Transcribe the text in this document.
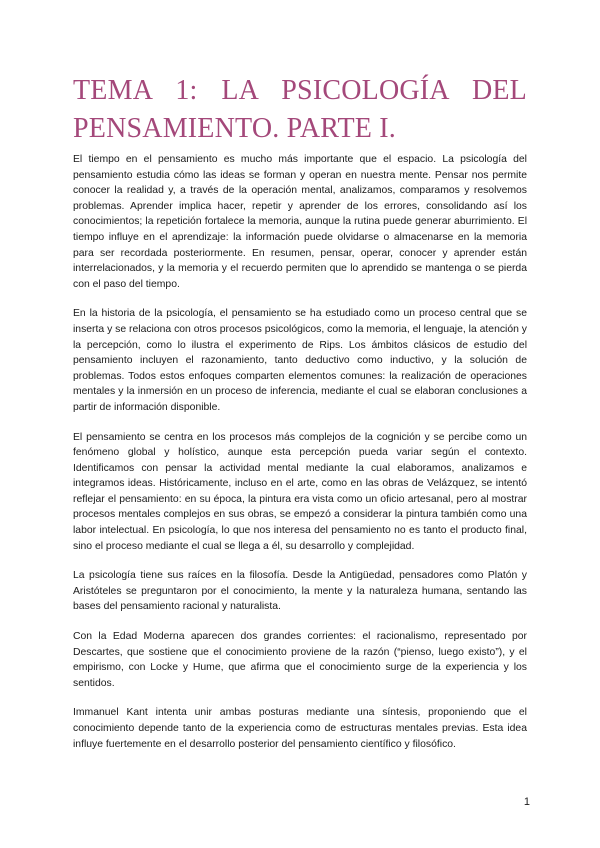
TEMA 1: LA PSICOLOGÍA DEL PENSAMIENTO. PARTE I.

El tiempo en el pensamiento es mucho más importante que el espacio. La psicología del pensamiento estudia cómo las ideas se forman y operan en nuestra mente. Pensar nos permite conocer la realidad y, a través de la operación mental, analizamos, comparamos y resolvemos problemas. Aprender implica hacer, repetir y aprender de los errores, consolidando así los conocimientos; la repetición fortalece la memoria, aunque la rutina puede generar aburrimiento. El tiempo influye en el aprendizaje: la información puede olvidarse o almacenarse en la memoria para ser recordada posteriormente. En resumen, pensar, operar, conocer y aprender están interrelacionados, y la memoria y el recuerdo permiten que lo aprendido se mantenga o se pierda con el paso del tiempo.

En la historia de la psicología, el pensamiento se ha estudiado como un proceso central que se inserta y se relaciona con otros procesos psicológicos, como la memoria, el lenguaje, la atención y la percepción, como lo ilustra el experimento de Rips. Los ámbitos clásicos de estudio del pensamiento incluyen el razonamiento, tanto deductivo como inductivo, y la solución de problemas. Todos estos enfoques comparten elementos comunes: la realización de operaciones mentales y la inmersión en un proceso de inferencia, mediante el cual se elaboran conclusiones a partir de información disponible.

El pensamiento se centra en los procesos más complejos de la cognición y se percibe como un fenómeno global y holístico, aunque esta percepción pueda variar según el contexto. Identificamos con pensar la actividad mental mediante la cual elaboramos, analizamos e integramos ideas. Históricamente, incluso en el arte, como en las obras de Velázquez, se intentó reflejar el pensamiento: en su época, la pintura era vista como un oficio artesanal, pero al mostrar procesos mentales complejos en sus obras, se empezó a considerar la pintura también como una labor intelectual. En psicología, lo que nos interesa del pensamiento no es tanto el producto final, sino el proceso mediante el cual se llega a él, su desarrollo y complejidad.

La psicología tiene sus raíces en la filosofía. Desde la Antigüedad, pensadores como Platón y Aristóteles se preguntaron por el conocimiento, la mente y la naturaleza humana, sentando las bases del pensamiento racional y naturalista.

Con la Edad Moderna aparecen dos grandes corrientes: el racionalismo, representado por Descartes, que sostiene que el conocimiento proviene de la razón (“pienso, luego existo”), y el empirismo, con Locke y Hume, que afirma que el conocimiento surge de la experiencia y los sentidos.

Immanuel Kant intenta unir ambas posturas mediante una síntesis, proponiendo que el conocimiento depende tanto de la experiencia como de estructuras mentales previas. Esta idea influye fuertemente en el desarrollo posterior del pensamiento científico y filosófico.

1
